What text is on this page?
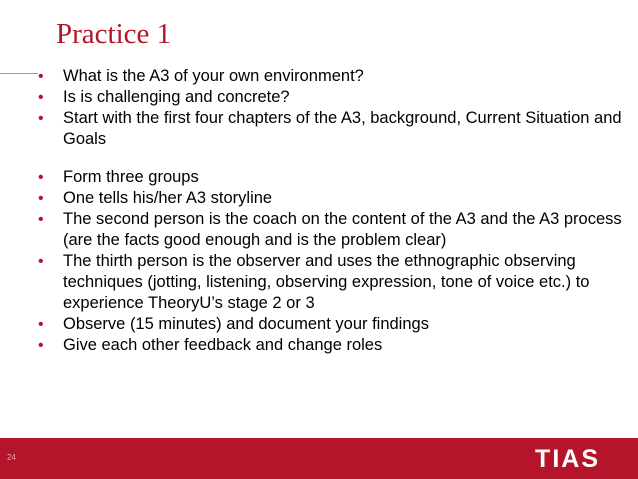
Practice 1
• What is the A3 of your own environment?
• Is is challenging and concrete?
• Start with the first four chapters of the A3, background, Current Situation and Goals
• Form three groups
• One tells his/her A3 storyline
• The second person is the coach on the content of the A3 and the A3 process (are the facts good enough and is the problem clear)
• The thirth person is the observer and uses the ethnographic observing techniques (jotting, listening, observing expression, tone of voice etc.) to experience TheoryU’s stage 2 or 3
• Observe (15 minutes) and document your findings
• Give each other feedback and change roles
24	TIAS
